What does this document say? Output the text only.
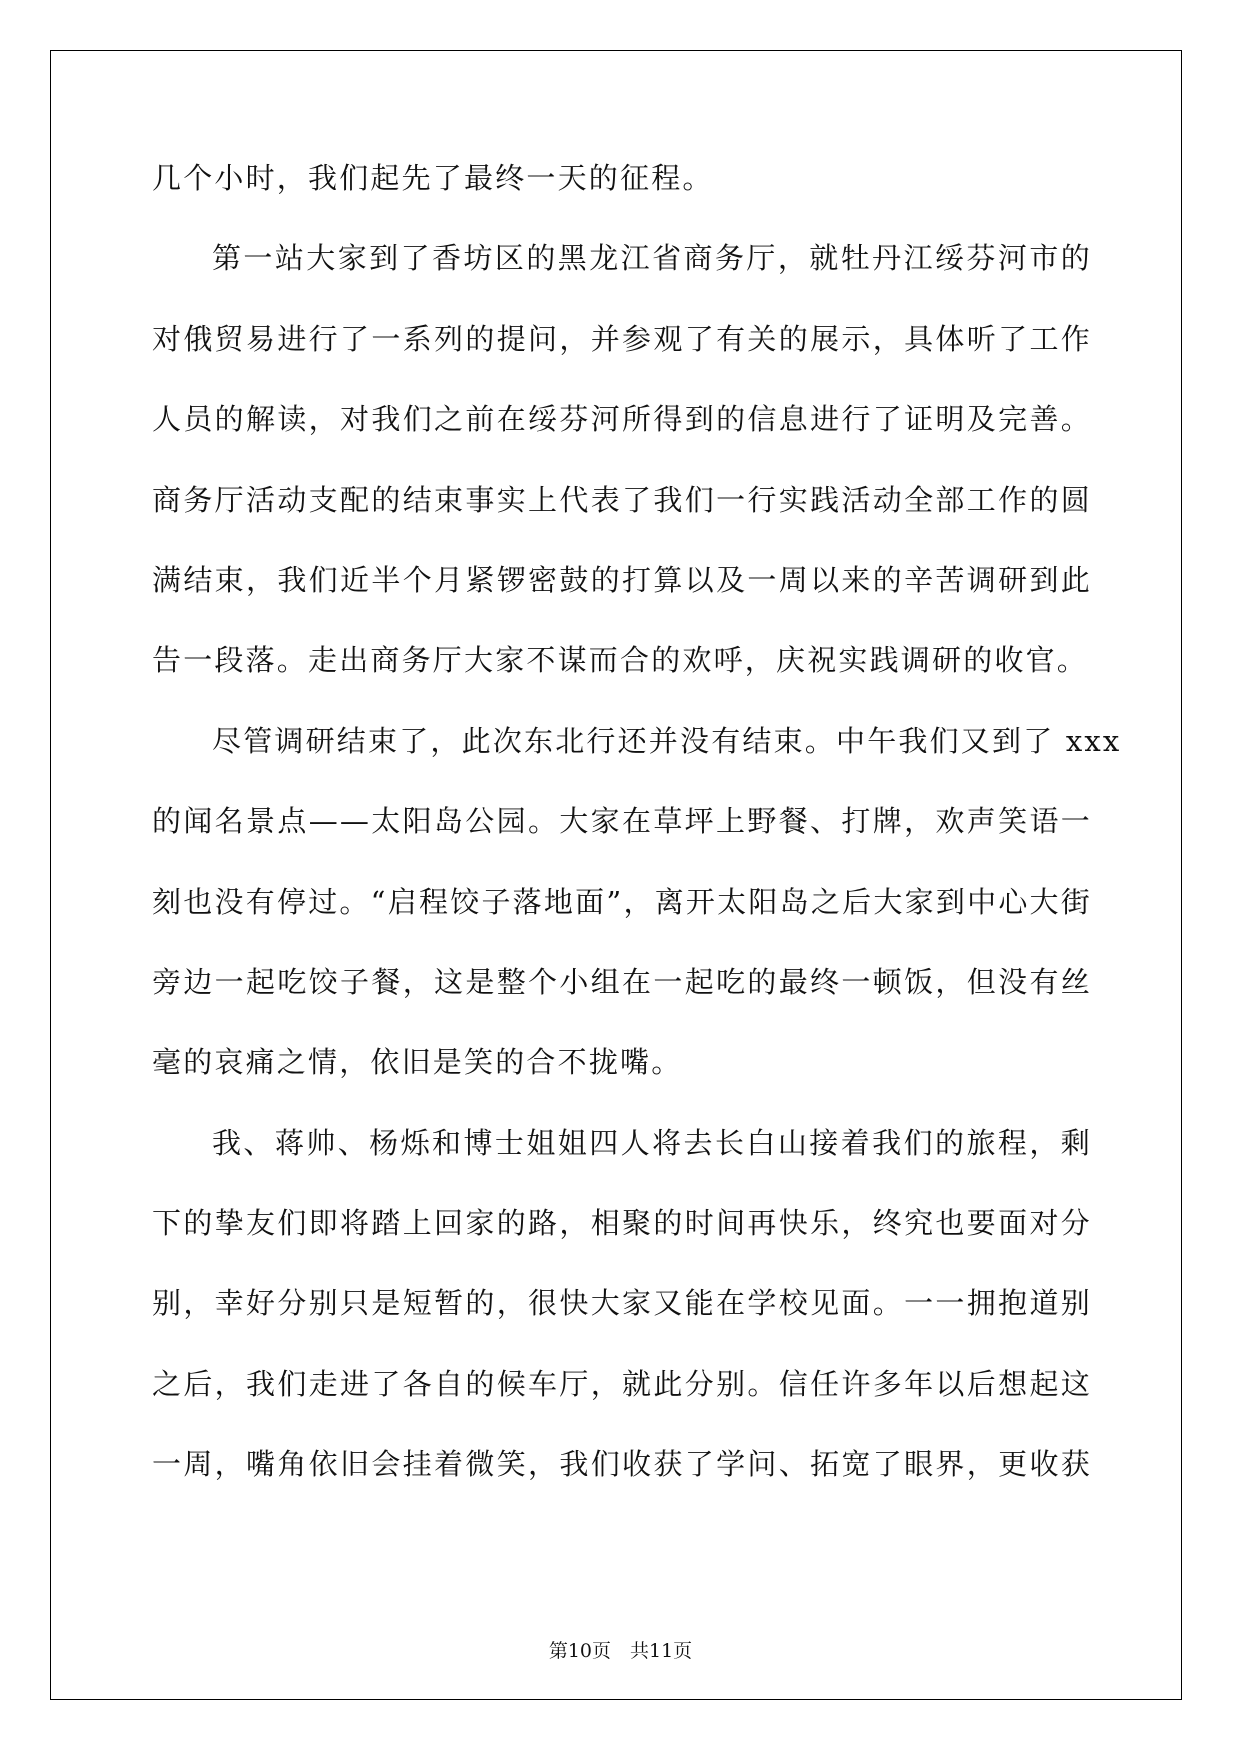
几个小时，我们起先了最终一天的征程。
第一站大家到了香坊区的黑龙江省商务厅，就牡丹江绥芬河市的
对俄贸易进行了一系列的提问，并参观了有关的展示，具体听了工作
人员的解读，对我们之前在绥芬河所得到的信息进行了证明及完善。
商务厅活动支配的结束事实上代表了我们一行实践活动全部工作的圆
满结束，我们近半个月紧锣密鼓的打算以及一周以来的辛苦调研到此
告一段落。走出商务厅大家不谋而合的欢呼，庆祝实践调研的收官。
尽管调研结束了，此次东北行还并没有结束。中午我们又到了 xxx
的闻名景点——太阳岛公园。大家在草坪上野餐、打牌，欢声笑语一
刻也没有停过。“启程饺子落地面”，离开太阳岛之后大家到中心大街
旁边一起吃饺子餐，这是整个小组在一起吃的最终一顿饭，但没有丝
毫的哀痛之情，依旧是笑的合不拢嘴。
我、蒋帅、杨烁和博士姐姐四人将去长白山接着我们的旅程，剩
下的挚友们即将踏上回家的路，相聚的时间再快乐，终究也要面对分
别，幸好分别只是短暂的，很快大家又能在学校见面。一一拥抱道别
之后，我们走进了各自的候车厅，就此分别。信任许多年以后想起这
一周，嘴角依旧会挂着微笑，我们收获了学问、拓宽了眼界，更收获
第10页　共11页
